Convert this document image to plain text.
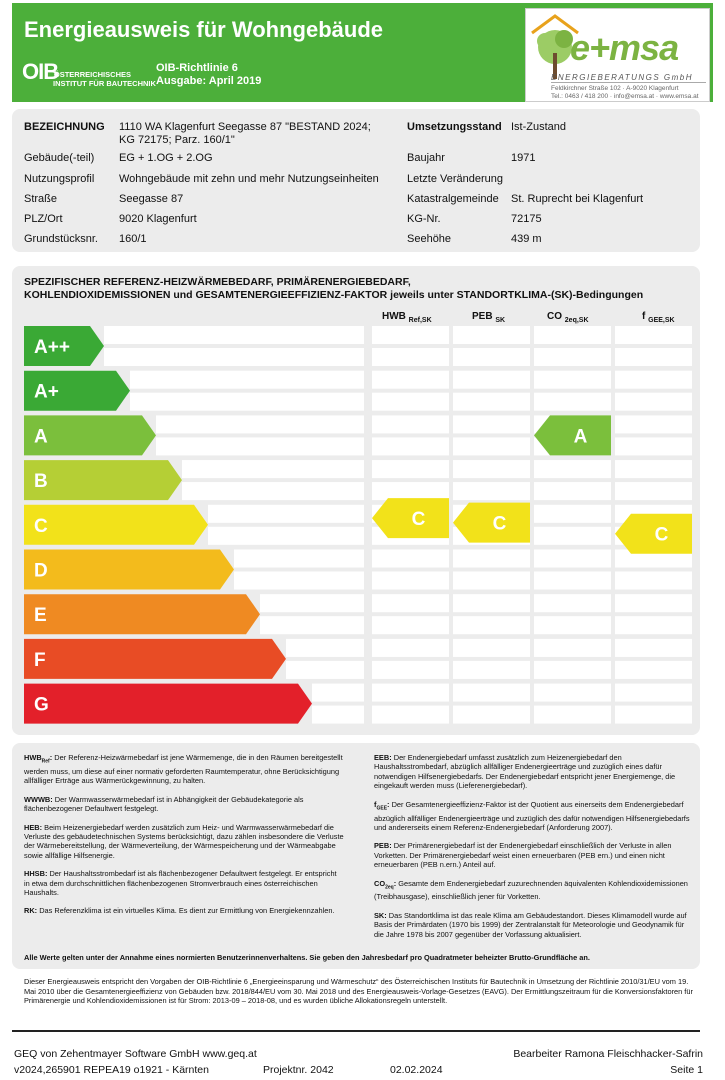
Energieausweis für Wohngebäude
OIB
ÖSTERREICHISCHES
INSTITUT FÜR BAUTECHNIK
OIB-Richtlinie 6
Ausgabe: April 2019
e+msa
ENERGIEBERATUNGS GmbH
Feldkirchner Straße 102 · A-9020 Klagenfurt
Tel.: 0463 / 418 200 · info@emsa.at · www.emsa.at
BEZEICHNUNG 1110 WA Klagenfurt Seegasse 87 "BESTAND 2024;
KG 72175; Parz. 160/1"
Gebäude(-teil) EG + 1.OG + 2.OG
Nutzungsprofil Wohngebäude mit zehn und mehr Nutzungseinheiten
Straße	Seegasse 87
PLZ/Ort	9020 Klagenfurt
Grundstücksnr. 160/1
Umsetzungsstand Ist-Zustand
Baujahr	1971
Letzte Veränderung
Katastralgemeinde St. Ruprecht bei Klagenfurt
KG-Nr.	72175
Seehöhe	439 m
SPEZIFISCHER REFERENZ-HEIZWÄRMEBEDARF, PRIMÄRENERGIEBEDARF,
KOHLENDIOXIDEMISSIONEN und GESAMTENERGIEEFFIZIENZ-FAKTOR jeweils unter STANDORTKLIMA-(SK)-Bedingungen
HWB $_{Ref,SK}$	PEB $_{SK}$	CO $_{2eq,SK}$	f $_{GEE,SK}$
A++
A+
A
B
C
D
E
F
G
C	C
A
C

$HWB_{Ref}$: Der Referenz-Heizwärmebedarf ist jene Wärmemenge, die in den Räumen bereitgestellt werden muss, um diese auf einer normativ geforderten Raumtemperatur, ohne Berücksichtigung allfälliger Erträge aus Wärmerückgewinnung, zu halten.

WWWB: Der Warmwasserwärmebedarf ist in Abhängigkeit der Gebäudekategorie als flächenbezogener Defaultwert festgelegt.

HEB: Beim Heizenergiebedarf werden zusätzlich zum Heiz- und Warmwasserwärmebedarf die Verluste des gebäudetechnischen Systems berücksichtigt, dazu zählen insbesondere die Verluste der Wärmebereitstellung, der Wärmeverteilung, der Wärmespeicherung und der Wärmeabgabe sowie allfällige Hilfsenergie.

HHSB: Der Haushaltsstrombedarf ist als flächenbezogener Defaultwert festgelegt. Er entspricht in etwa dem durchschnittlichen flächenbezogenen Stromverbrauch eines österreichischen Haushalts.

RK: Das Referenzklima ist ein virtuelles Klima. Es dient zur Ermittlung von Energiekennzahlen.

EEB: Der Endenergiebedarf umfasst zusätzlich zum Heizenergiebedarf den Haushaltsstrombedarf, abzüglich allfälliger Endenergieerträge und zuzüglich eines dafür notwendigen Hilfsenergiebedarfs. Der Endenergiebedarf entspricht jener Energiemenge, die eingekauft werden muss (Lieferenergiebedarf).

$f_{GEE}$: Der Gesamtenergieeffizienz-Faktor ist der Quotient aus einerseits dem Endenergiebedarf abzüglich allfälliger Endenergieerträge und zuzüglich des dafür notwendigen Hilfsenergiebedarfs und andererseits einem Referenz-Endenergiebedarf (Anforderung 2007).

PEB: Der Primärenergiebedarf ist der Endenergiebedarf einschließlich der Verluste in allen Vorketten. Der Primärenergiebedarf weist einen erneuerbaren (PEB ern.) und einen nicht erneuerbaren (PEB n.ern.) Anteil auf.

$CO_{2eq}$: Gesamte dem Endenergiebedarf zuzurechnenden äquivalenten Kohlendioxidemissionen (Treibhausgase), einschließlich jener für Vorketten.

SK: Das Standortklima ist das reale Klima am Gebäudestandort. Dieses Klimamodell wurde auf Basis der Primärdaten (1970 bis 1999) der Zentralanstalt für Meteorologie und Geodynamik für die Jahre 1978 bis 2007 gegenüber der Vorfassung aktualisiert.

Alle Werte gelten unter der Annahme eines normierten Benutzerinnenverhaltens. Sie geben den Jahresbedarf pro Quadratmeter beheizter Brutto-Grundfläche an.
Dieser Energieausweis entspricht den Vorgaben der OIB-Richtlinie 6 „Energieeinsparung und Wärmeschutz“ des Österreichischen Instituts für Bautechnik in Umsetzung der Richtlinie 2010/31/EU vom 19. Mai 2010 über die Gesamtenergieeffizienz von Gebäuden bzw. 2018/844/EU vom 30. Mai 2018 und des Energieausweis-Vorlage-Gesetzes (EAVG). Der Ermittlungszeitraum für die Konversionsfaktoren für Primärenergie und Kohlendioxidemissionen ist für Strom: 2013-09 – 2018-08, und es wurden übliche Allokationsregeln unterstellt.
GEQ von Zehentmayer Software GmbH www.geq.at
v2024,265901 REPEA19 o1921 - Kärnten	Projektnr. 2042	02.02.2024
Bearbeiter Ramona Fleischhacker-Safrin
Seite 1
